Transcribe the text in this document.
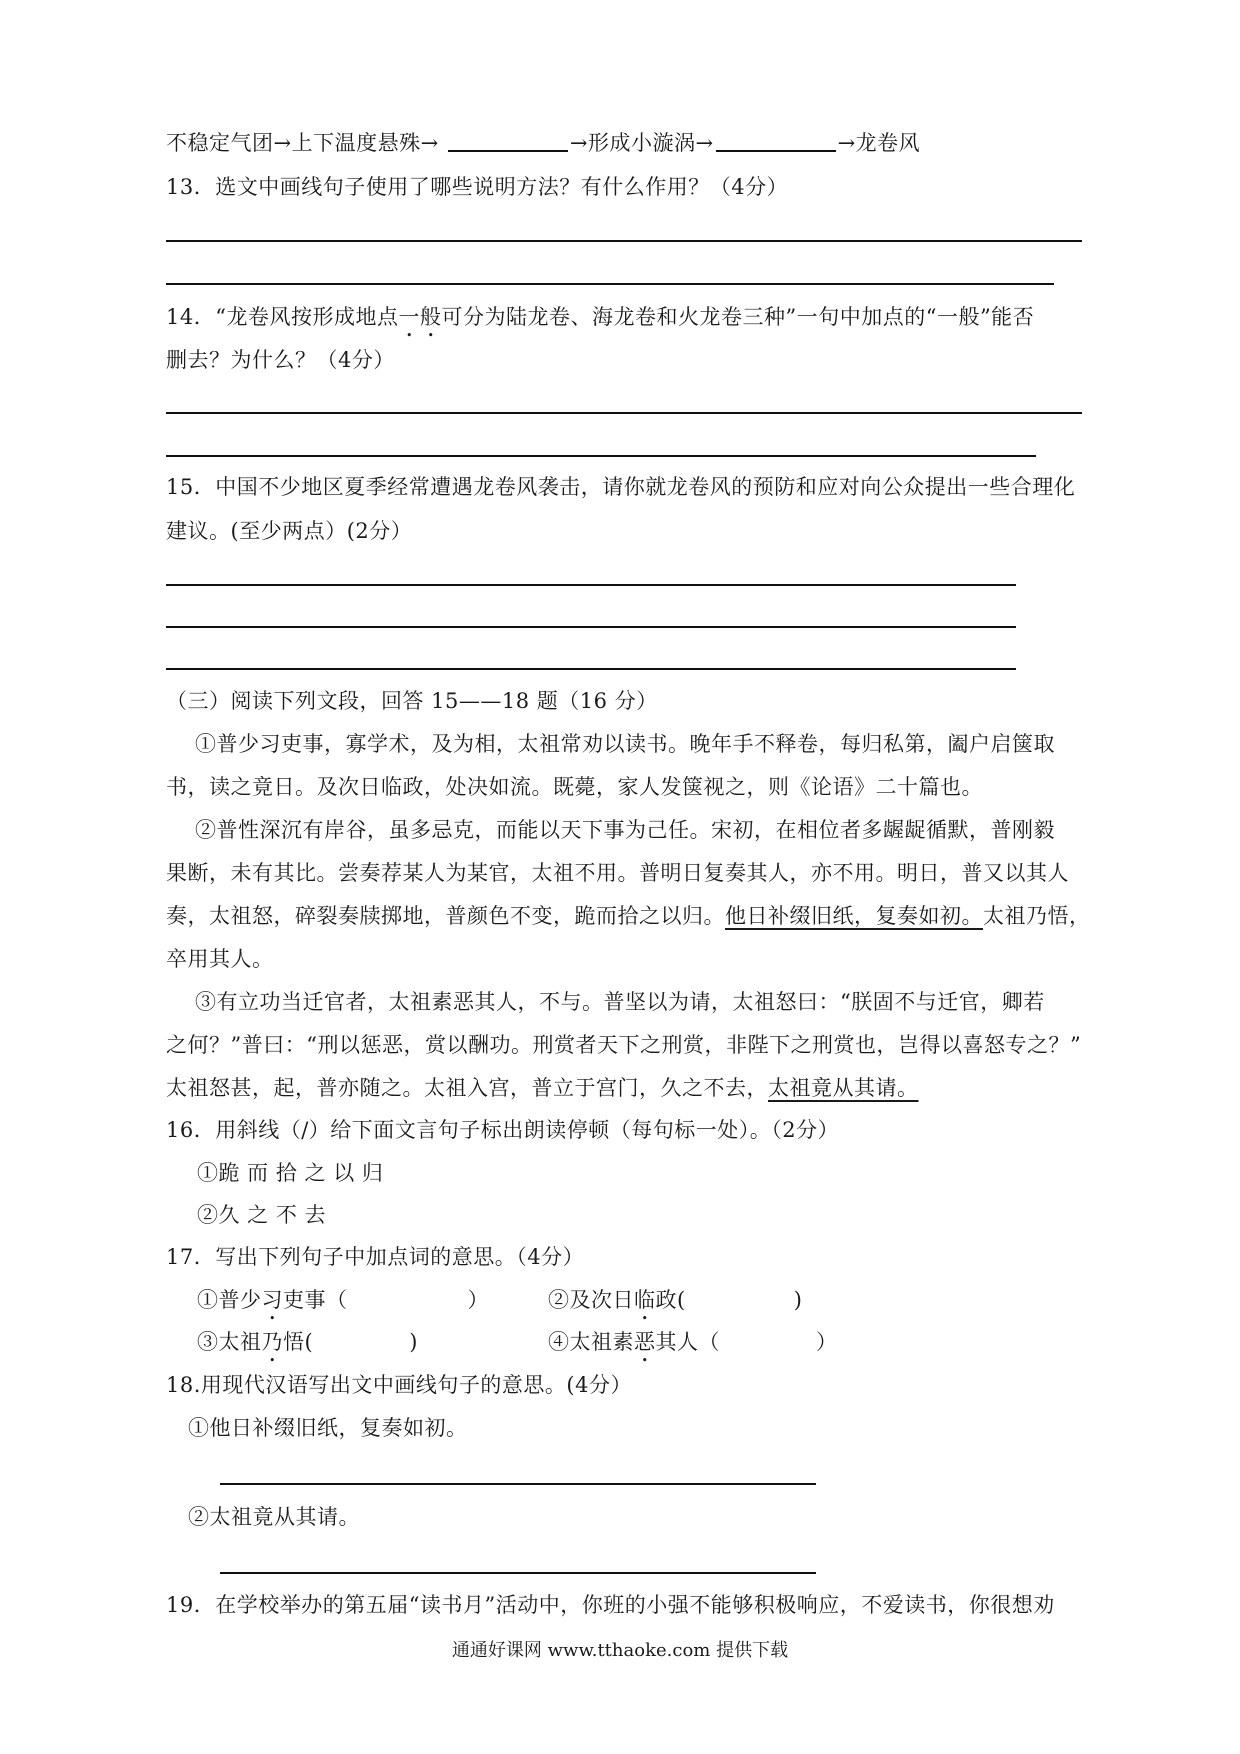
不稳定气团→上下温度悬殊→	→形成小漩涡→	→龙卷风
13．选文中画线句子使用了哪些说明方法？有什么作用？（4分）
14．“龙卷风按形成地点一般可分为陆龙卷、海龙卷和火龙卷三种”一句中加点的“一般”能否
删去？为什么？（4分）
15．中国不少地区夏季经常遭遇龙卷风袭击，请你就龙卷风的预防和应对向公众提出一些合理化
建议。(至少两点）(2分）
（三）阅读下列文段，回答 15——18 题（16 分）
①普少习吏事，寡学术，及为相，太祖常劝以读书。晚年手不释卷，每归私第，阖户启箧取
书，读之竟日。及次日临政，处决如流。既薨，家人发箧视之，则《论语》二十篇也。
②普性深沉有岸谷，虽多忌克，而能以天下事为己任。宋初，在相位者多龌龊循默，普刚毅
果断，未有其比。尝奏荐某人为某官，太祖不用。普明日复奏其人，亦不用。明日，普又以其人
奏，太祖怒，碎裂奏牍掷地，普颜色不变，跪而拾之以归。他日补缀旧纸，复奏如初。太祖乃悟，
卒用其人。
③有立功当迁官者，太祖素恶其人，不与。普坚以为请，太祖怒曰：“朕固不与迁官，卿若
之何？”普曰：“刑以惩恶，赏以酬功。刑赏者天下之刑赏，非陛下之刑赏也，岂得以喜怒专之？”
太祖怒甚，起，普亦随之。太祖入宫，普立于宫门，久之不去，太祖竟从其请。
16．用斜线（/）给下面文言句子标出朗读停顿（每句标一处）。（2分）
①跪 而 拾 之 以 归
②久 之 不 去
17．写出下列句子中加点词的意思。（4分）
①普少习吏事（	）	②及次日临政(	)
③太祖乃悟(	)	④太祖素恶其人（	）
18.用现代汉语写出文中画线句子的意思。(4分）
①他日补缀旧纸，复奏如初。
②太祖竟从其请。
19．在学校举办的第五届“读书月”活动中，你班的小强不能够积极响应，不爱读书，你很想劝
通通好课网 www.tthaoke.com 提供下载
